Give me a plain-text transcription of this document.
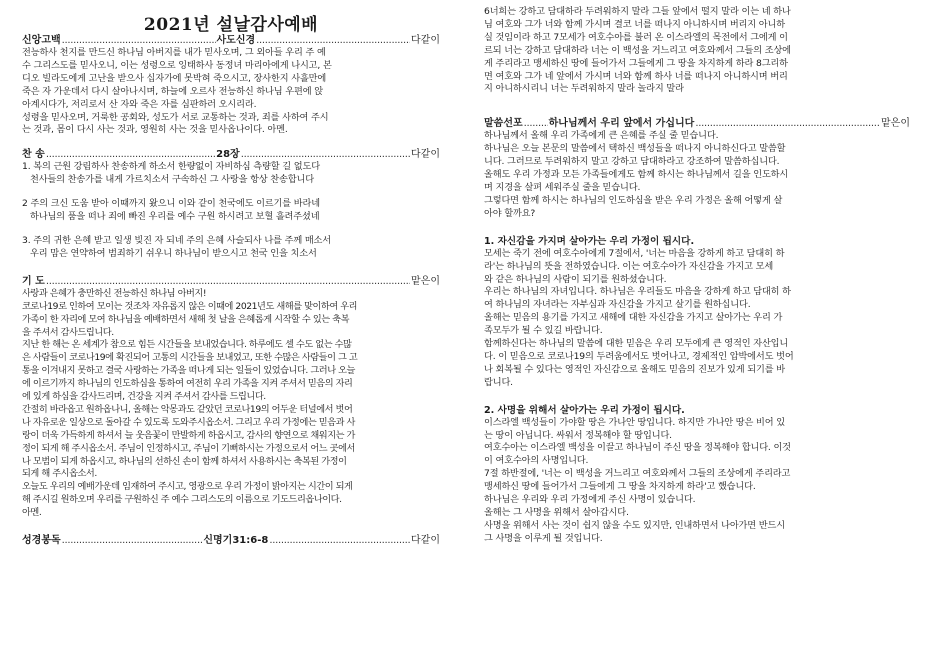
2021년 설날감사예배
신앙고백 .....	사도신경 .....	다같이
전능하사 천지를 만드신 하나님 아버지를 내가 믿사오며, 그 외아들 우리 주 예
수 그리스도를 믿사오니, 이는 성령으로 잉태하사 동정녀 마리아에게 나시고, 본
디오 빌라도에게 고난을 받으사 십자가에 못박혀 죽으시고, 장사한지 사흘만에
죽은 자 가운데서 다시 살아나시며, 하늘에 오르사 전능하신 하나님 우편에 앉
아계시다가, 저리로서 산 자와 죽은 자를 심판하러 오시리라.
성령을 믿사오며, 거룩한 공회와, 성도가 서로 교통하는 것과, 죄를 사하여 주시
는 것과, 몸이 다시 사는 것과, 영원히 사는 것을 믿사옵나이다. 아멘.
찬 송 .....	28장 .....	다같이
1. 복의 근원 강림하사 찬송하게 하소서 한량없이 자비하심 측량할 길 없도다
천사들의 찬송가를 내게 가르치소서 구속하신 그 사랑을 항상 찬송합니다
2 주의 크신 도움 받아 이때까지 왔으니 이와 같이 천국에도 이르기를 바라네
하나님의 품을 떠나 죄에 빠진 우리를 예수 구원 하시려고 보혈 흘려주셨네
3. 주의 귀한 은혜 받고 일생 빚진 자 되네 주의 은혜 사슬되사 나를 주께 매소서
우리 맘은 연약하여 범죄하기 쉬우니 하나님이 받으시고 천국 인을 치소서
기 도 .....	맡은이
사랑과 은혜가 충만하신 전능하신 하나님 아버지!
코로나19로 인하여 모이는 것조차 자유롭지 않은 이때에 2021년도 새해를 맞이하여 우리
가족이 한 자리에 모여 하나님을 예배하면서 새해 첫 날을 은혜롭게 시작할 수 있는 축복
을 주셔서 감사드립니다.
지난 한 해는 온 세계가 참으로 힘든 시간들을 보내었습니다. 하루에도 셀 수도 없는 수많
은 사람들이 코로나19에 확진되어 고통의 시간들을 보내었고, 또한 수많은 사람들이 그 고
통을 이겨내지 못하고 결국 사랑하는 가족을 떠나게 되는 일들이 있었습니다. 그러나 오늘
에 이르기까지 하나님의 인도하심을 통하여 여전히 우리 가족을 지켜 주셔서 믿음의 자리
에 있게 하심을 감사드리며, 건강을 지켜 주셔서 감사를 드립니다.
간절히 바라옵고 원하옵나니, 올해는 악몽과도 같았던 코로나19의 어두운 터널에서 벗어
나 자유로운 일상으로 돌아갈 수 있도록 도와주시옵소서. 그리고 우리 가정에는 믿음과 사
랑이 더욱 가득하게 하셔서 늘 웃음꽃이 만발하게 하옵시고, 감사의 향연으로 채워지는 가
정이 되게 해 주시옵소서. 주님이 인정하시고, 주님이 기뻐하시는 가정으로서 어느 곳에서
나 모범이 되게 하옵시고, 하나님의 선하신 손이 함께 하셔서 사용하시는 축복된 가정이
되게 해 주시옵소서.
오늘도 우리의 예배가운데 임재하여 주시고, 영광으로 우리 가정이 밝아지는 시간이 되게
해 주시길 원하오며 우리를 구원하신 주 예수 그리스도의 이름으로 기도드리옵나이다.
아멘.
성경봉독 .....	신명기31:6-8 .....	다같이
6너희는 강하고 담대하라 두려워하지 말라 그들 앞에서 떨지 말라 이는 네 하나
님 여호와 그가 너와 함께 가시며 결코 너를 떠나지 아니하시며 버리지 아니하
실 것임이라 하고 7모세가 여호수아를 불러 온 이스라엘의 목전에서 그에게 이
르되 너는 강하고 담대하라 너는 이 백성을 거느리고 여호와께서 그들의 조상에
게 주리라고 맹세하신 땅에 들어가서 그들에게 그 땅을 차지하게 하라 8그리하
면 여호와 그가 네 앞에서 가시며 너와 함께 하사 너를 떠나지 아니하시며 버리
지 아니하시리니 너는 두려워하지 말라 놀라지 말라
말씀선포 .....	하나님께서 우리 앞에서 가십니다 .....	맡은이
하나님께서 올해 우리 가족에게 큰 은혜를 주실 줄 믿습니다.
하나님은 오늘 본문의 말씀에서 택하신 백성들을 떠나지 아니하신다고 말씀할
니다. 그러므로 두려워하지 말고 강하고 담대하라고 강조하여 말씀하십니다.
올해도 우리 가정과 모든 가족들에게도 함께 하시는 하나님께서 길을 인도하시
며 지경을 살펴 세워주실 줄을 믿습니다.
그렇다면 함께 하시는 하나님의 인도하심을 받은 우리 가정은 올해 어떻게 살
아야 할까요?
1. 자신감을 가지며 살아가는 우리 가정이 됩시다.
모세는 죽기 전에 여호수아에게 7절에서, '너는 마음을 강하게 하고 담대히 하
라'는 하나님의 뜻을 전하였습니다. 이는 여호수아가 자신감을 가지고 모세
와 같은 하나님의 사람이 되기를 원하셨습니다.
우리는 하나님의 자녀입니다. 하나님은 우리들도 마음을 강하게 하고 담대히 하
여 하나님의 자녀라는 자부심과 자신감을 가지고 살기를 원하십니다.
올해는 믿음의 용기를 가지고 새해에 대한 자신감을 가지고 살아가는 우리 가
족모두가 될 수 있길 바랍니다.
함께하신다는 하나님의 말씀에 대한 믿음은 우리 모두에게 큰 영적인 자산입니
다. 이 믿음으로 코로나19의 두려움에서도 벗어나고, 경제적인 압박에서도 벗어
나 회복될 수 있다는 영적인 자신감으로 올해도 믿음의 진보가 있게 되기를 바
랍니다.
2. 사명을 위해서 살아가는 우리 가정이 됩시다.
이스라엘 백성들이 가야할 땅은 가나안 땅입니다. 하지만 가나안 땅은 비어 있
는 땅이 아닙니다. 싸워서 정복해야 할 땅입니다.
여호수아는 이스라엘 백성을 이끌고 하나님이 주신 땅을 정복해야 합니다. 이것
이 여호수아의 사명입니다.
7절 하반절에, '너는 이 백성을 거느리고 여호와께서 그들의 조상에게 주리라고
맹세하신 땅에 들어가서 그들에게 그 땅을 차지하게 하라'고 했습니다.
하나님은 우리와 우리 가정에게 주신 사명이 있습니다.
올해는 그 사명을 위해서 살아갑시다.
사명을 위해서 사는 것이 쉽지 않을 수도 있지만, 인내하면서 나아가면 반드시
그 사명을 이루게 될 것입니다.
